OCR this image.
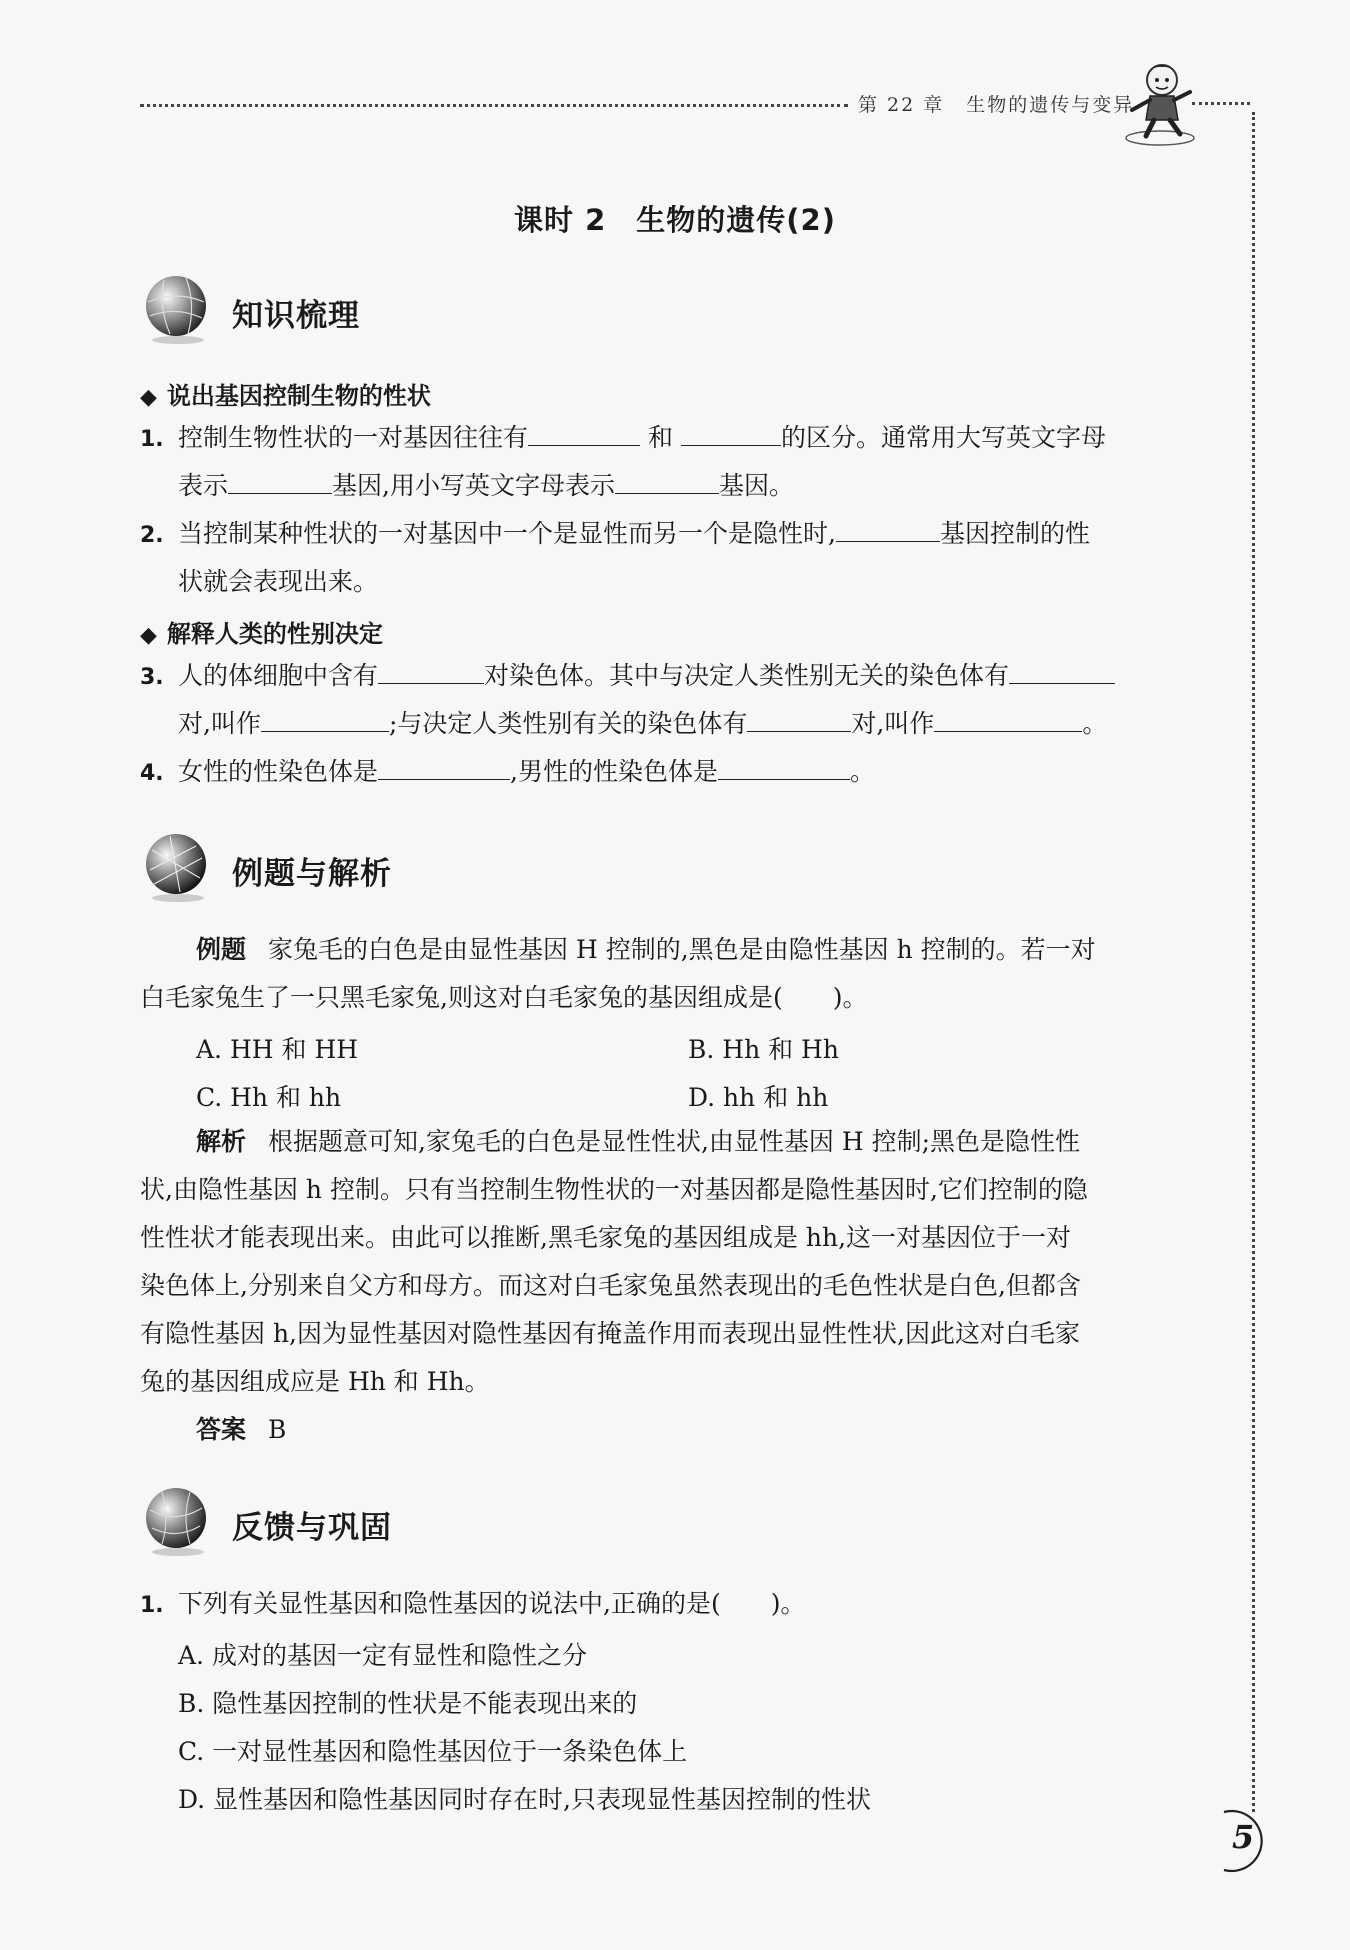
第 22 章 生物的遗传与变异
课时 2 生物的遗传(2)
知识梳理
◆ 说出基因控制生物的性状
1. 控制生物性状的一对基因往往有	和	的区分。通常用大写英文字母
表示	基因,用小写英文字母表示	基因。
2. 当控制某种性状的一对基因中一个是显性而另一个是隐性时,	基因控制的性
状就会表现出来。
◆ 解释人类的性别决定
3. 人的体细胞中含有	对染色体。其中与决定人类性别无关的染色体有
对,叫作	;与决定人类性别有关的染色体有	对,叫作	。
4. 女性的性染色体是	,男性的性染色体是	。
例题与解析
例题 家兔毛的白色是由显性基因 H 控制的,黑色是由隐性基因 h 控制的。若一对
白毛家兔生了一只黑毛家兔,则这对白毛家兔的基因组成是(　　)。
A. HH 和 HH	B. Hh 和 Hh
C. Hh 和 hh	D. hh 和 hh
解析 根据题意可知,家兔毛的白色是显性性状,由显性基因 H 控制;黑色是隐性性
状,由隐性基因 h 控制。只有当控制生物性状的一对基因都是隐性基因时,它们控制的隐
性性状才能表现出来。由此可以推断,黑毛家兔的基因组成是 hh,这一对基因位于一对
染色体上,分别来自父方和母方。而这对白毛家兔虽然表现出的毛色性状是白色,但都含
有隐性基因 h,因为显性基因对隐性基因有掩盖作用而表现出显性性状,因此这对白毛家
兔的基因组成应是 Hh 和 Hh。
答案 B
反馈与巩固
1. 下列有关显性基因和隐性基因的说法中,正确的是(　　)。
A. 成对的基因一定有显性和隐性之分
B. 隐性基因控制的性状是不能表现出来的
C. 一对显性基因和隐性基因位于一条染色体上
D. 显性基因和隐性基因同时存在时,只表现显性基因控制的性状
5
